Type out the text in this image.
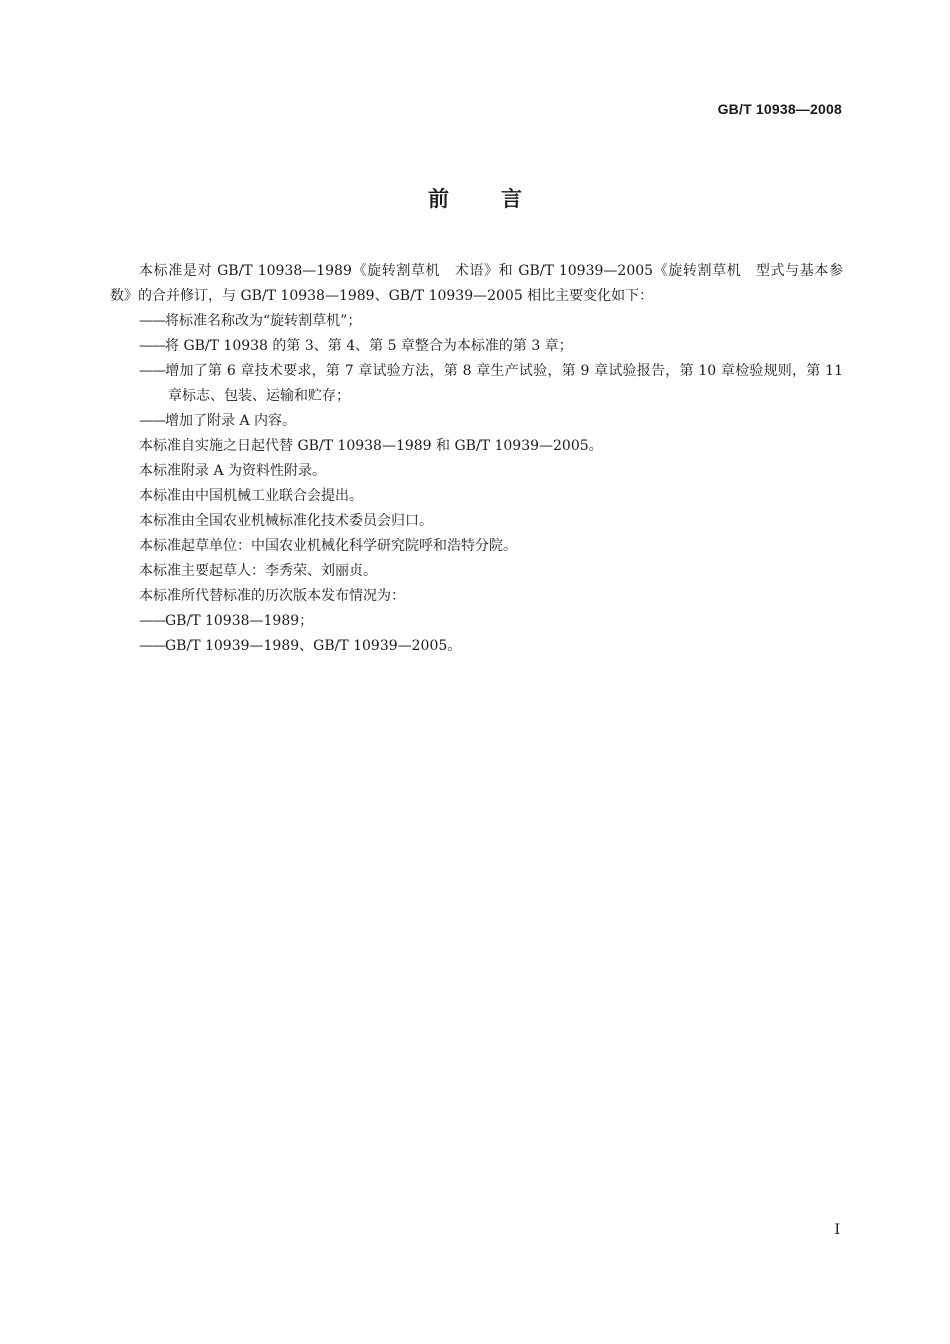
GB/T 10938—2008
前 言

本标准是对 GB/T 10938—1989《旋转割草机　术语》和 GB/T 10939—2005《旋转割草机　型式与基本参数》的合并修订，与 GB/T 10938—1989、GB/T 10939—2005 相比主要变化如下：

—— 将标准名称改为“旋转割草机”；

—— 将 GB/T 10938 的第 3、第 4、第 5 章整合为本标准的第 3 章；

—— 增加了第 6 章技术要求，第 7 章试验方法，第 8 章生产试验，第 9 章试验报告，第 10 章检验规则，第 11 章标志、包装、运输和贮存；

—— 增加了附录 A 内容。

本标准自实施之日起代替 GB/T 10938—1989 和 GB/T 10939—2005。

本标准附录 A 为资料性附录。

本标准由中国机械工业联合会提出。

本标准由全国农业机械标准化技术委员会归口。

本标准起草单位：中国农业机械化科学研究院呼和浩特分院。

本标准主要起草人：李秀荣、刘丽贞。

本标准所代替标准的历次版本发布情况为：

—— GB/T 10938—1989；

—— GB/T 10939—1989、GB/T 10939—2005。

I
